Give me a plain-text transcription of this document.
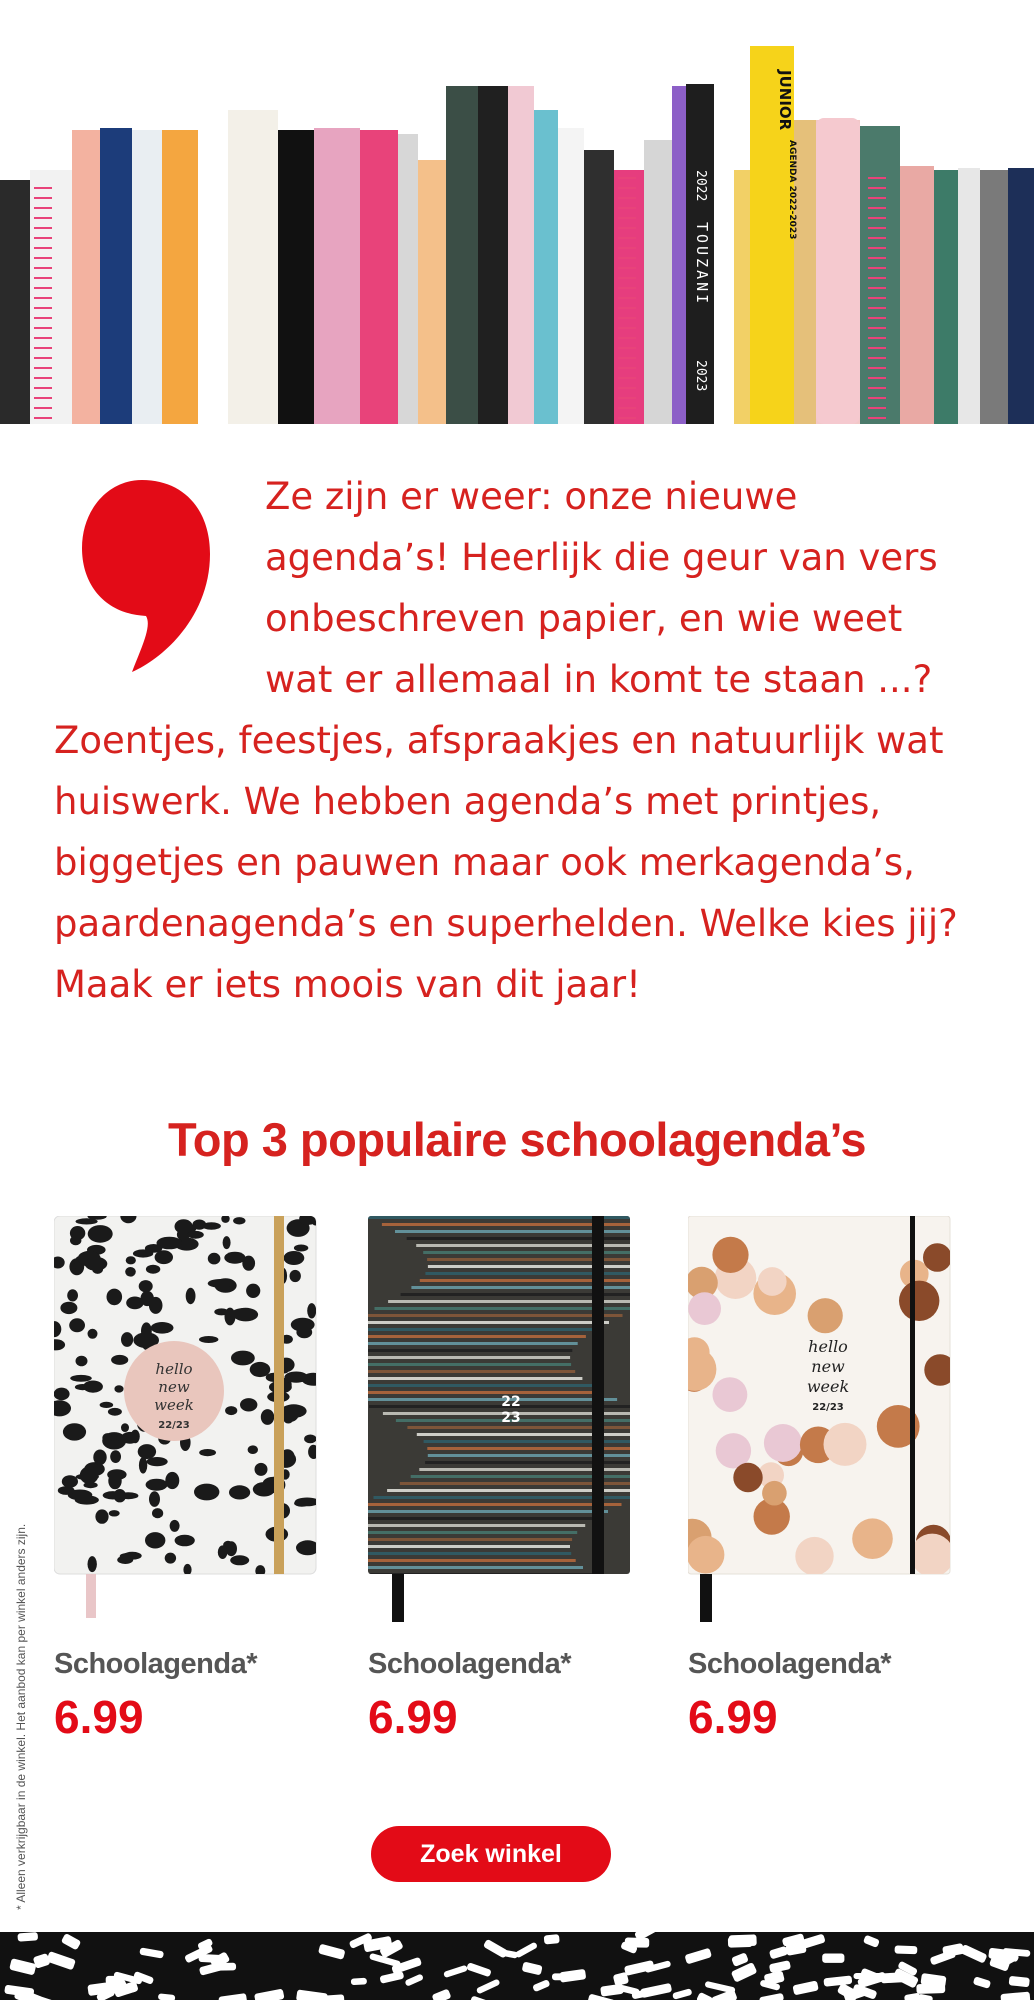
JUNIOR
AGENDA 2022-2023
2022
TOUZANI
2023
Ze zijn er weer: onze nieuwe
agenda’s! Heerlijk die geur van vers
onbeschreven papier, en wie weet
wat er allemaal in komt te staan ...?
Zoentjes, feestjes, afspraakjes en natuurlijk wat
huiswerk. We hebben agenda’s met printjes,
biggetjes en pauwen maar ook merkagenda’s,
paardenagenda’s en superhelden. Welke kies jij?
Maak er iets moois van dit jaar!
Top 3 populaire schoolagenda’s
hello
new
week
22/23
Schoolagenda*
6.99
22
23
Schoolagenda*
6.99
hello
new
week
22/23
Schoolagenda*
6.99
* Alleen verkrijgbaar in de winkel. Het aanbod kan per winkel anders zijn.	Zoek winkel
